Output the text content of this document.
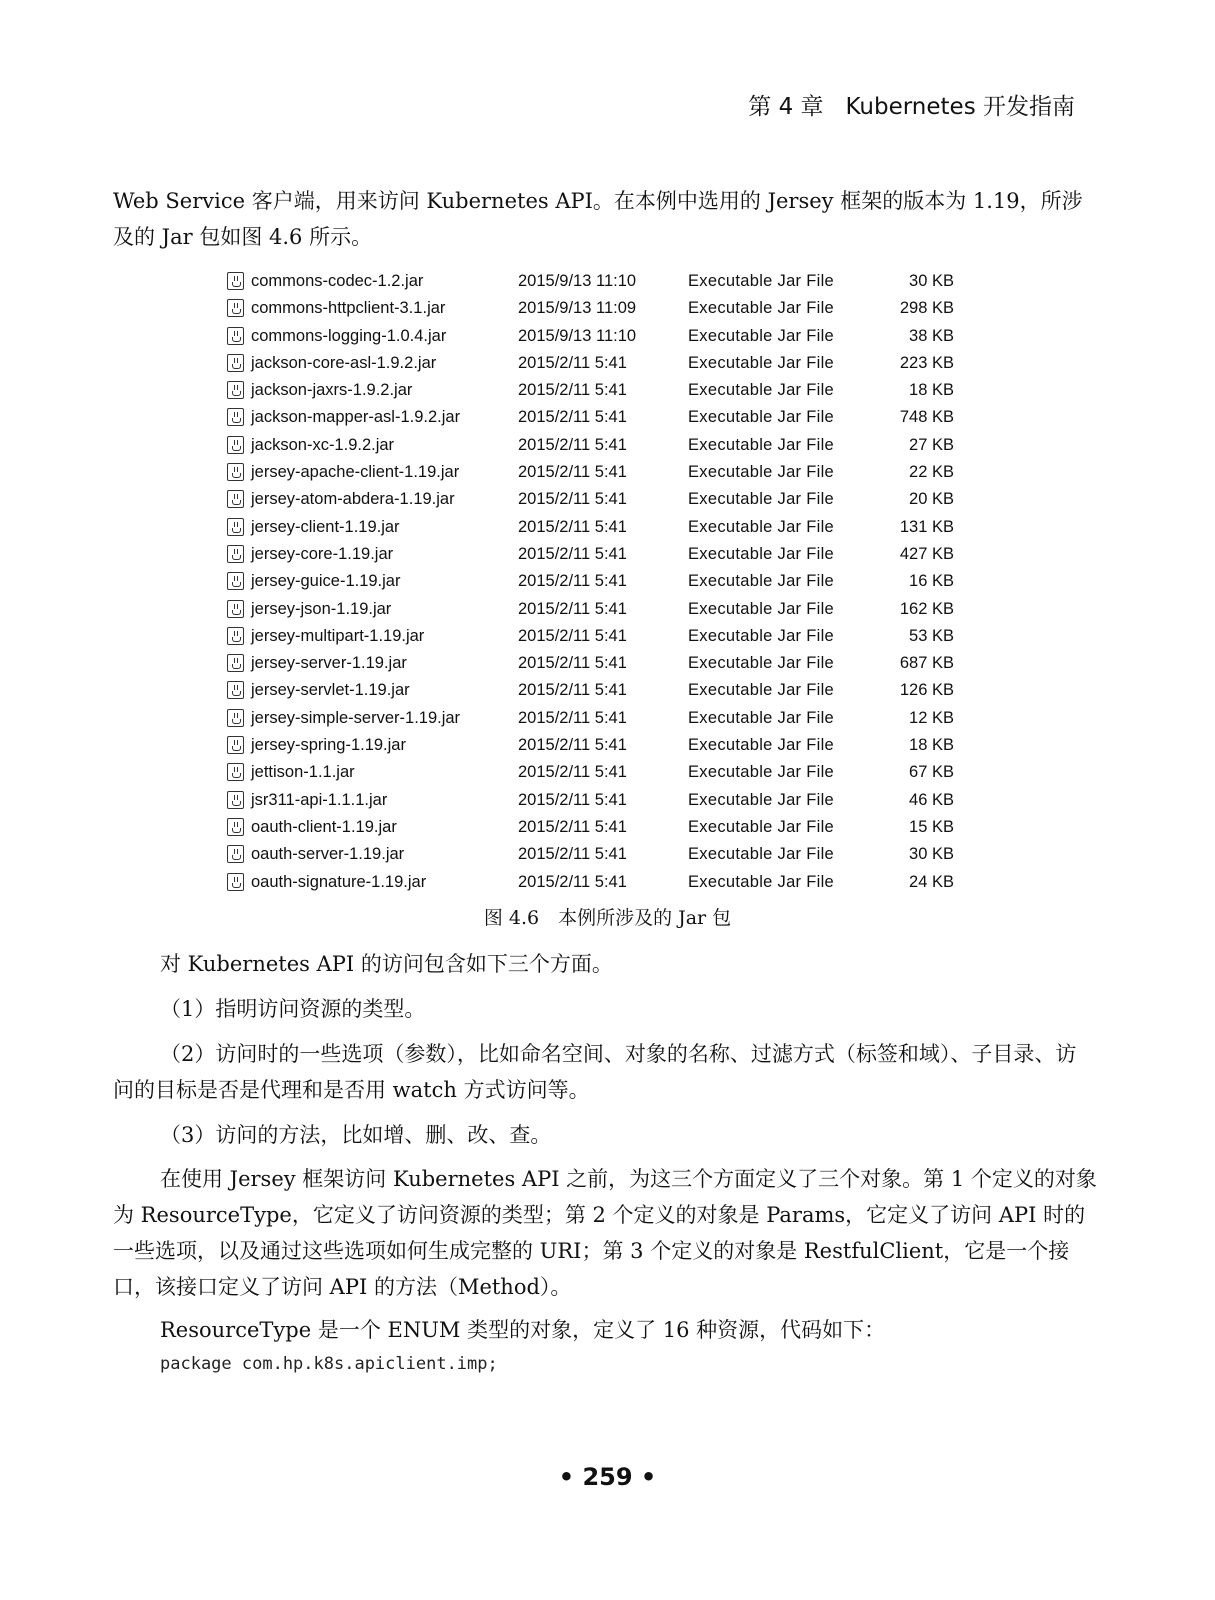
第 4 章 Kubernetes 开发指南
Web Service 客户端，用来访问 Kubernetes API。在本例中选用的 Jersey 框架的版本为 1.19，所涉及的 Jar 包如图 4.6 所示。
commons-codec-1.2.jar	2015/9/13 11:10	Executable Jar File	30 KB
commons-httpclient-3.1.jar	2015/9/13 11:09	Executable Jar File	298 KB
commons-logging-1.0.4.jar	2015/9/13 11:10	Executable Jar File	38 KB
jackson-core-asl-1.9.2.jar	2015/2/11 5:41	Executable Jar File	223 KB
jackson-jaxrs-1.9.2.jar	2015/2/11 5:41	Executable Jar File	18 KB
jackson-mapper-asl-1.9.2.jar	2015/2/11 5:41	Executable Jar File	748 KB
jackson-xc-1.9.2.jar	2015/2/11 5:41	Executable Jar File	27 KB
jersey-apache-client-1.19.jar	2015/2/11 5:41	Executable Jar File	22 KB
jersey-atom-abdera-1.19.jar	2015/2/11 5:41	Executable Jar File	20 KB
jersey-client-1.19.jar	2015/2/11 5:41	Executable Jar File	131 KB
jersey-core-1.19.jar	2015/2/11 5:41	Executable Jar File	427 KB
jersey-guice-1.19.jar	2015/2/11 5:41	Executable Jar File	16 KB
jersey-json-1.19.jar	2015/2/11 5:41	Executable Jar File	162 KB
jersey-multipart-1.19.jar	2015/2/11 5:41	Executable Jar File	53 KB
jersey-server-1.19.jar	2015/2/11 5:41	Executable Jar File	687 KB
jersey-servlet-1.19.jar	2015/2/11 5:41	Executable Jar File	126 KB
jersey-simple-server-1.19.jar	2015/2/11 5:41	Executable Jar File	12 KB
jersey-spring-1.19.jar	2015/2/11 5:41	Executable Jar File	18 KB
jettison-1.1.jar	2015/2/11 5:41	Executable Jar File	67 KB
jsr311-api-1.1.1.jar	2015/2/11 5:41	Executable Jar File	46 KB
oauth-client-1.19.jar	2015/2/11 5:41	Executable Jar File	15 KB
oauth-server-1.19.jar	2015/2/11 5:41	Executable Jar File	30 KB
oauth-signature-1.19.jar	2015/2/11 5:41	Executable Jar File	24 KB
图 4.6　本例所涉及的 Jar 包
对 Kubernetes API 的访问包含如下三个方面。
（1）指明访问资源的类型。
（2）访问时的一些选项（参数），比如命名空间、对象的名称、过滤方式（标签和域）、子目录、访问的目标是否是代理和是否用 watch 方式访问等。
（3）访问的方法，比如增、删、改、查。
在使用 Jersey 框架访问 Kubernetes API 之前，为这三个方面定义了三个对象。第 1 个定义的对象为 ResourceType，它定义了访问资源的类型；第 2 个定义的对象是 Params，它定义了访问 API 时的一些选项，以及通过这些选项如何生成完整的 URI；第 3 个定义的对象是 RestfulClient，它是一个接口，该接口定义了访问 API 的方法（Method）。
ResourceType 是一个 ENUM 类型的对象，定义了 16 种资源，代码如下：
package com.hp.k8s.apiclient.imp;
• 259 •
